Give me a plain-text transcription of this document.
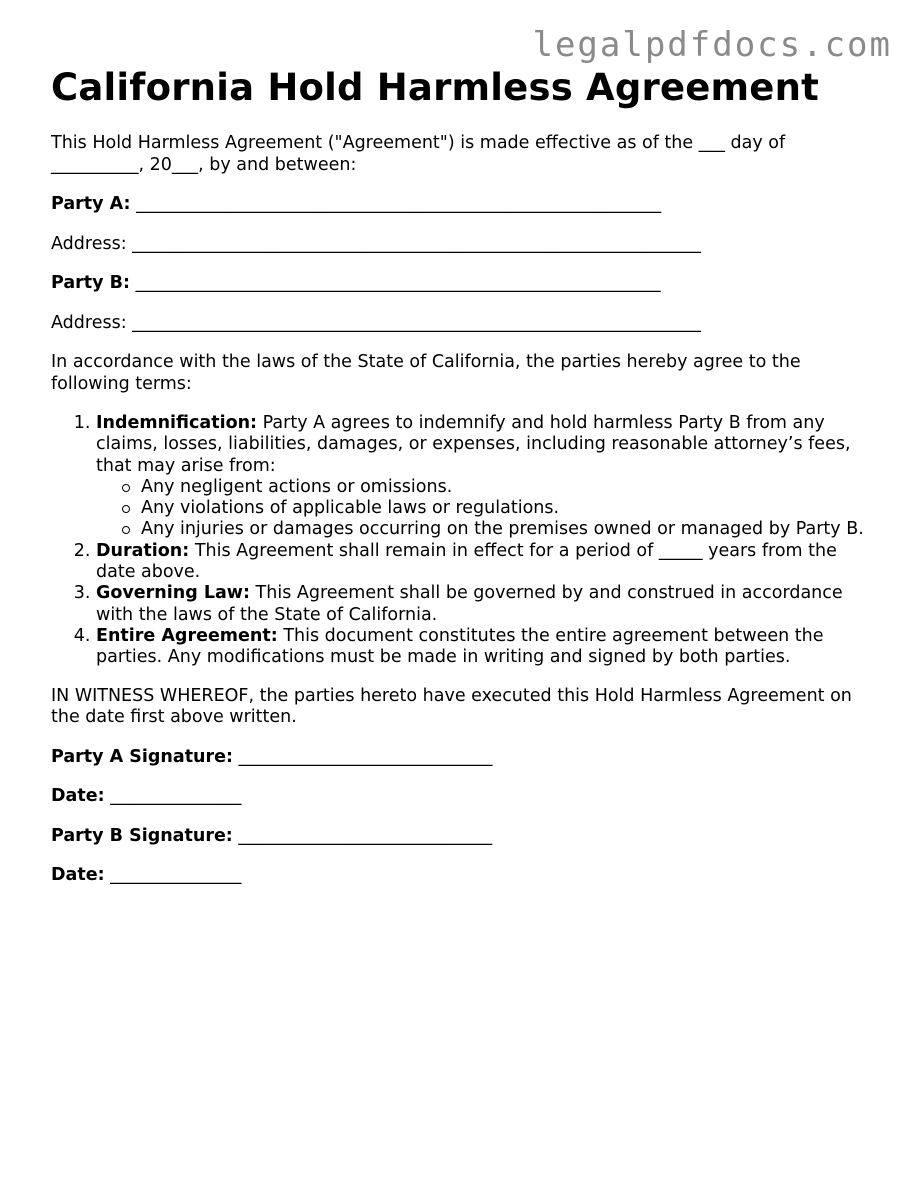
legalpdfdocs.com
California Hold Harmless Agreement

This Hold Harmless Agreement ("Agreement") is made effective as of the ___ day of
__________, 20___, by and between:

Party A: ____________________________________________________________

Address: _________________________________________________________________

Party B: ____________________________________________________________

Address: _________________________________________________________________

In accordance with the laws of the State of California, the parties hereby agree to the following terms:

1. Indemnification: Party A agrees to indemnify and hold harmless Party B from any claims, losses, liabilities, damages, or expenses, including reasonable attorney’s fees, that may arise from:
Any negligent actions or omissions.
Any violations of applicable laws or regulations.
Any injuries or damages occurring on the premises owned or managed by Party B.
2. Duration: This Agreement shall remain in effect for a period of _____ years from the date above.
3. Governing Law: This Agreement shall be governed by and construed in accordance with the laws of the State of California.
4. Entire Agreement: This document constitutes the entire agreement between the parties. Any modifications must be made in writing and signed by both parties.

IN WITNESS WHEREOF, the parties hereto have executed this Hold Harmless Agreement on the date first above written.

Party A Signature: _____________________________

Date: _______________

Party B Signature: _____________________________

Date: _______________
